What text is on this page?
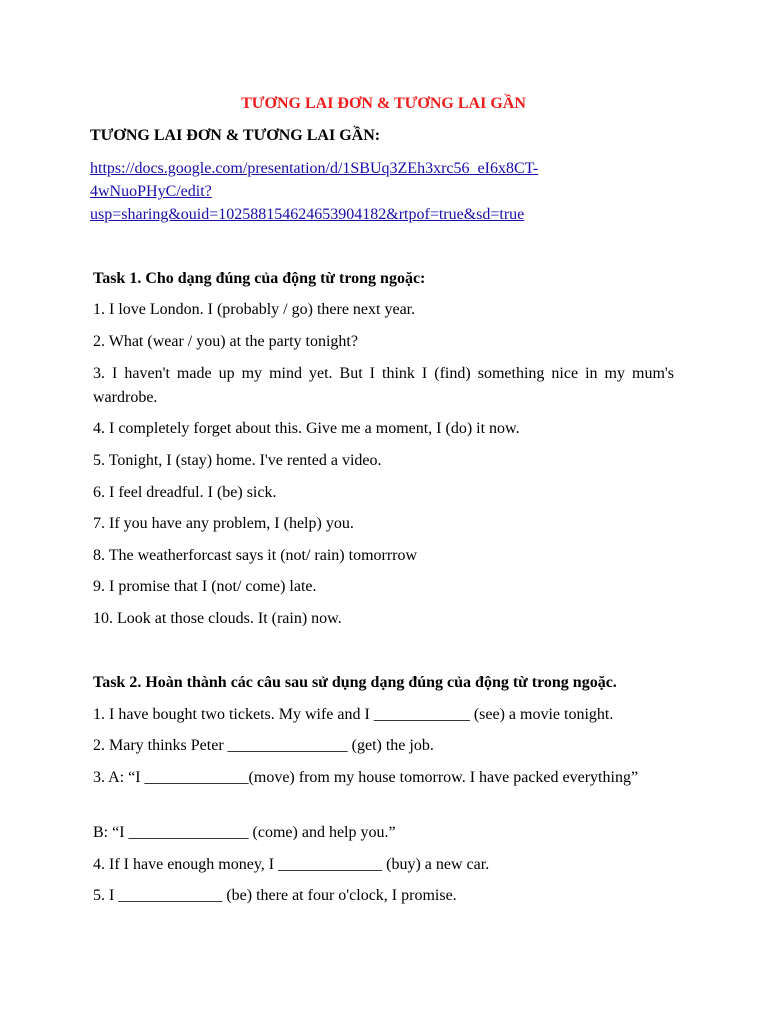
TƯƠNG LAI ĐƠN & TƯƠNG LAI GẦN
TƯƠNG LAI ĐƠN & TƯƠNG LAI GẦN:
https://docs.google.com/presentation/d/1SBUq3ZEh3xrc56_eI6x8CT-
4wNuoPHyC/edit?
usp=sharing&ouid=102588154624653904182&rtpof=true&sd=true
Task 1. Cho dạng đúng của động từ trong ngoặc:
1. I love London. I (probably / go) there next year.
2. What (wear / you) at the party tonight?
3. I haven't made up my mind yet. But I think I (find) something nice in my mum's wardrobe.
4. I completely forget about this. Give me a moment, I (do) it now.
5. Tonight, I (stay) home. I've rented a video.
6. I feel dreadful. I (be) sick.
7. If you have any problem, I (help) you.
8. The weatherforcast says it (not/ rain) tomorrrow
9. I promise that I (not/ come) late.
10. Look at those clouds. It (rain) now.
Task 2. Hoàn thành các câu sau sử dụng dạng đúng của động từ trong ngoặc.
1. I have bought two tickets. My wife and I ____________ (see) a movie tonight.
2. Mary thinks Peter _______________ (get) the job.
3. A: “I _____________(move) from my house tomorrow. I have packed everything”
B: “I _______________ (come) and help you.”
4. If I have enough money, I _____________ (buy) a new car.
5. I _____________ (be) there at four o'clock, I promise.
